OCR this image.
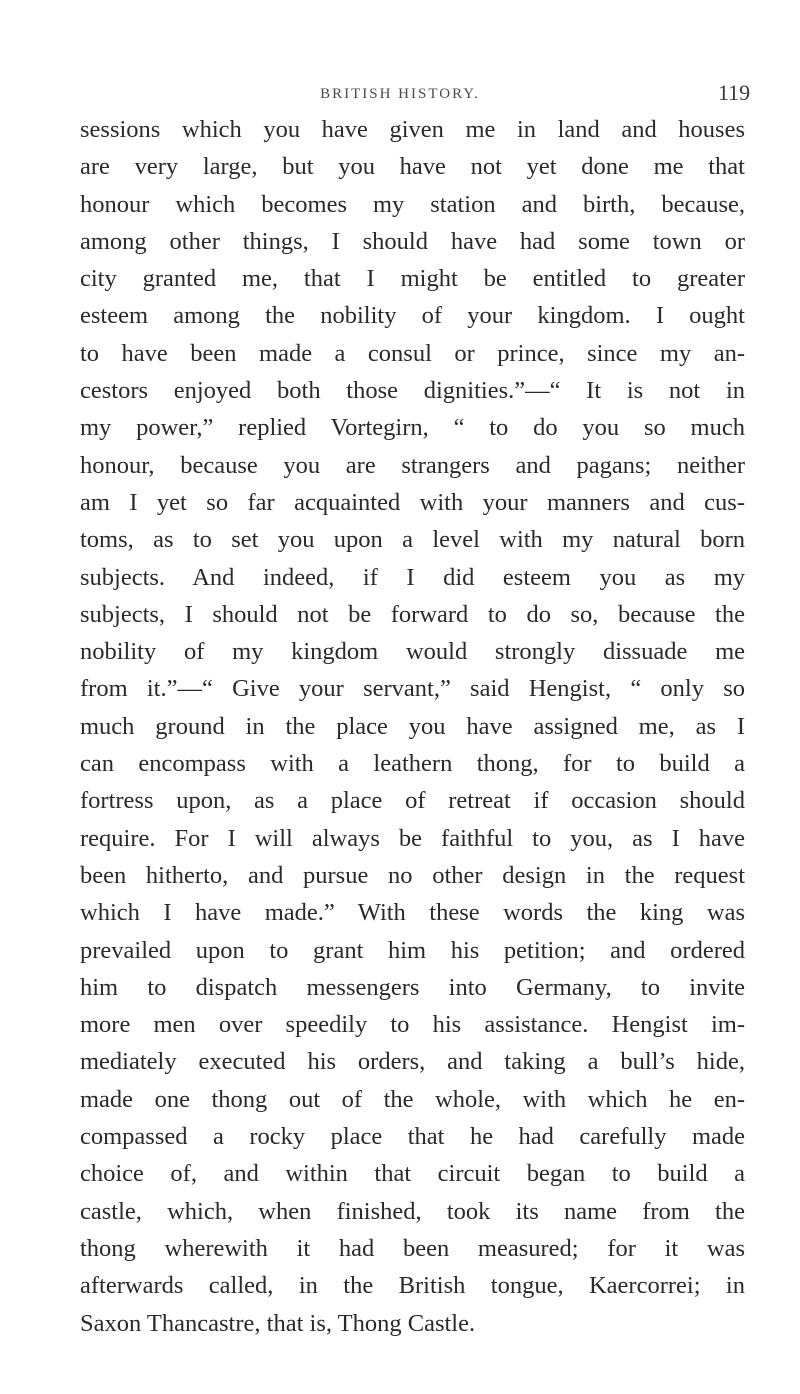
BRITISH HISTORY.	119
sessions which you have given me in land and houses
are very large, but you have not yet done me that
honour which becomes my station and birth, because,
among other things, I should have had some town or
city granted me, that I might be entitled to greater
esteem among the nobility of your kingdom. I ought
to have been made a consul or prince, since my an-
cestors enjoyed both those dignities.”—“ It is not in
my power,” replied Vortegirn, “ to do you so much
honour, because you are strangers and pagans; neither
am I yet so far acquainted with your manners and cus-
toms, as to set you upon a level with my natural born
subjects. And indeed, if I did esteem you as my
subjects, I should not be forward to do so, because the
nobility of my kingdom would strongly dissuade me
from it.”—“ Give your servant,” said Hengist, “ only so
much ground in the place you have assigned me, as I
can encompass with a leathern thong, for to build a
fortress upon, as a place of retreat if occasion should
require. For I will always be faithful to you, as I have
been hitherto, and pursue no other design in the request
which I have made.” With these words the king was
prevailed upon to grant him his petition; and ordered
him to dispatch messengers into Germany, to invite
more men over speedily to his assistance. Hengist im-
mediately executed his orders, and taking a bull’s hide,
made one thong out of the whole, with which he en-
compassed a rocky place that he had carefully made
choice of, and within that circuit began to build a
castle, which, when finished, took its name from the
thong wherewith it had been measured; for it was
afterwards called, in the British tongue, Kaercorrei; in
Saxon Thancastre, that is, Thong Castle.
